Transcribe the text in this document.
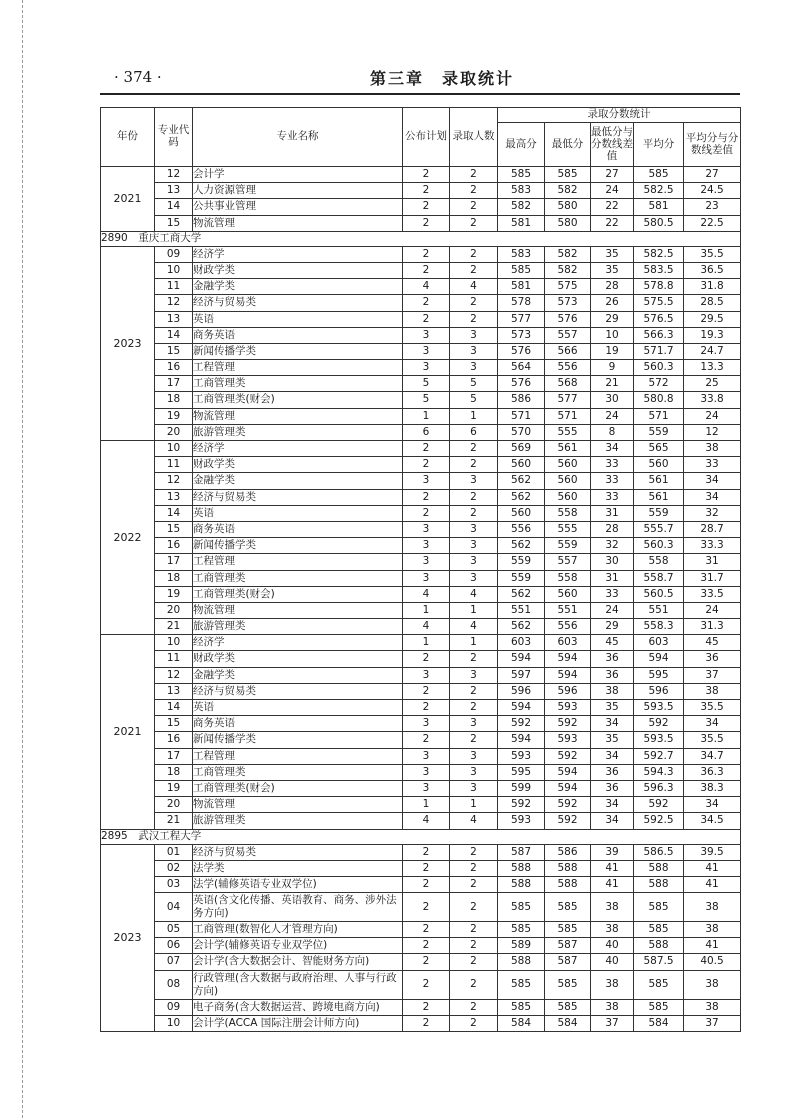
· 374 ·	第三章　录取统计
年份	专业代码	专业名称	公布计划	录取人数	录取分数统计				
					最高分	最低分	最低分与分数线差值	平均分	平均分与分数线差值
2021	12	会计学	2	2	585	585	27	585	27
	13	人力资源管理	2	2	583	582	24	582.5	24.5
	14	公共事业管理	2	2	582	580	22	581	23
	15	物流管理	2	2	581	580	22	580.5	22.5
2890　重庆工商大学									
2023	09	经济学	2	2	583	582	35	582.5	35.5
	10	财政学类	2	2	585	582	35	583.5	36.5
	11	金融学类	4	4	581	575	28	578.8	31.8
	12	经济与贸易类	2	2	578	573	26	575.5	28.5
	13	英语	2	2	577	576	29	576.5	29.5
	14	商务英语	3	3	573	557	10	566.3	19.3
	15	新闻传播学类	3	3	576	566	19	571.7	24.7
	16	工程管理	3	3	564	556	9	560.3	13.3
	17	工商管理类	5	5	576	568	21	572	25
	18	工商管理类(财会)	5	5	586	577	30	580.8	33.8
	19	物流管理	1	1	571	571	24	571	24
	20	旅游管理类	6	6	570	555	8	559	12
2022	10	经济学	2	2	569	561	34	565	38
	11	财政学类	2	2	560	560	33	560	33
	12	金融学类	3	3	562	560	33	561	34
	13	经济与贸易类	2	2	562	560	33	561	34
	14	英语	2	2	560	558	31	559	32
	15	商务英语	3	3	556	555	28	555.7	28.7
	16	新闻传播学类	3	3	562	559	32	560.3	33.3
	17	工程管理	3	3	559	557	30	558	31
	18	工商管理类	3	3	559	558	31	558.7	31.7
	19	工商管理类(财会)	4	4	562	560	33	560.5	33.5
	20	物流管理	1	1	551	551	24	551	24
	21	旅游管理类	4	4	562	556	29	558.3	31.3
2021	10	经济学	1	1	603	603	45	603	45
	11	财政学类	2	2	594	594	36	594	36
	12	金融学类	3	3	597	594	36	595	37
	13	经济与贸易类	2	2	596	596	38	596	38
	14	英语	2	2	594	593	35	593.5	35.5
	15	商务英语	3	3	592	592	34	592	34
	16	新闻传播学类	2	2	594	593	35	593.5	35.5
	17	工程管理	3	3	593	592	34	592.7	34.7
	18	工商管理类	3	3	595	594	36	594.3	36.3
	19	工商管理类(财会)	3	3	599	594	36	596.3	38.3
	20	物流管理	1	1	592	592	34	592	34
	21	旅游管理类	4	4	593	592	34	592.5	34.5
2895　武汉工程大学									
2023	01	经济与贸易类	2	2	587	586	39	586.5	39.5
	02	法学类	2	2	588	588	41	588	41
	03	法学(辅修英语专业双学位)	2	2	588	588	41	588	41
	04	英语(含文化传播、英语教育、商务、涉外法务方向)	2	2	585	585	38	585	38
	05	工商管理(数智化人才管理方向)	2	2	585	585	38	585	38
	06	会计学(辅修英语专业双学位)	2	2	589	587	40	588	41
	07	会计学(含大数据会计、智能财务方向)	2	2	588	587	40	587.5	40.5
	08	行政管理(含大数据与政府治理、人事与行政方向)	2	2	585	585	38	585	38
	09	电子商务(含大数据运营、跨境电商方向)	2	2	585	585	38	585	38
	10	会计学(ACCA 国际注册会计师方向)	2	2	584	584	37	584	37
